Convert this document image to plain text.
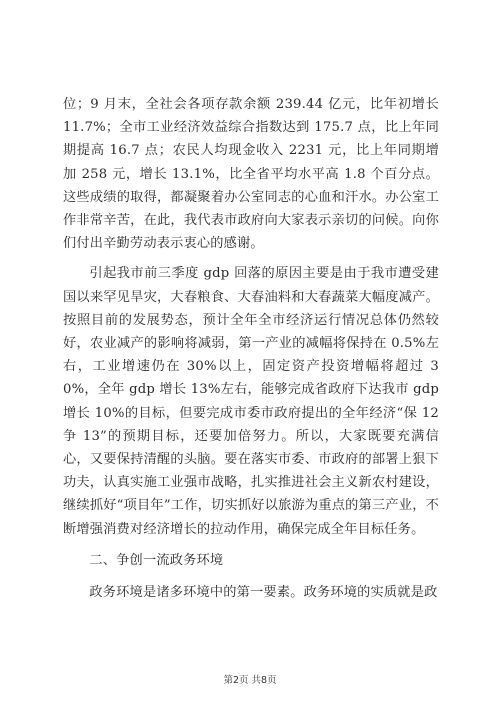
位；9 月末，全社会各项存款余额 239.44 亿元，比年初增长 11.7%；全市工业经济效益综合指数达到 175.7 点，比上年同期提高 16.7 点；农民人均现金收入 2231 元，比上年同期增加 258 元，增长 13.1%，比全省平均水平高 1.8 个百分点。这些成绩的取得，都凝聚着办公室同志的心血和汗水。办公室工作非常辛苦，在此，我代表市政府向大家表示亲切的问候。向你们付出辛勤劳动表示衷心的感谢。

引起我市前三季度 gdp 回落的原因主要是由于我市遭受建国以来罕见旱灾，大春粮食、大春油料和大春蔬菜大幅度减产。按照目前的发展势态，预计全年全市经济运行情况总体仍然较好，农业减产的影响将减弱，第一产业的减幅将保持在 0.5%左右，工业增速仍在 30%以上，固定资产投资增幅将超过 30%，全年 gdp 增长 13%左右，能够完成省政府下达我市 gdp 增长 10%的目标，但要完成市委市政府提出的全年经济“保 12 争 13”的预期目标，还要加倍努力。所以，大家既要充满信心，又要保持清醒的头脑。要在落实市委、市政府的部署上狠下功夫，认真实施工业强市战略，扎实推进社会主义新农村建设，继续抓好“项目年”工作，切实抓好以旅游为重点的第三产业，不断增强消费对经济增长的拉动作用，确保完成全年目标任务。

二、争创一流政务环境

政务环境是诸多环境中的第一要素。政务环境的实质就是政

第2页 共8页
